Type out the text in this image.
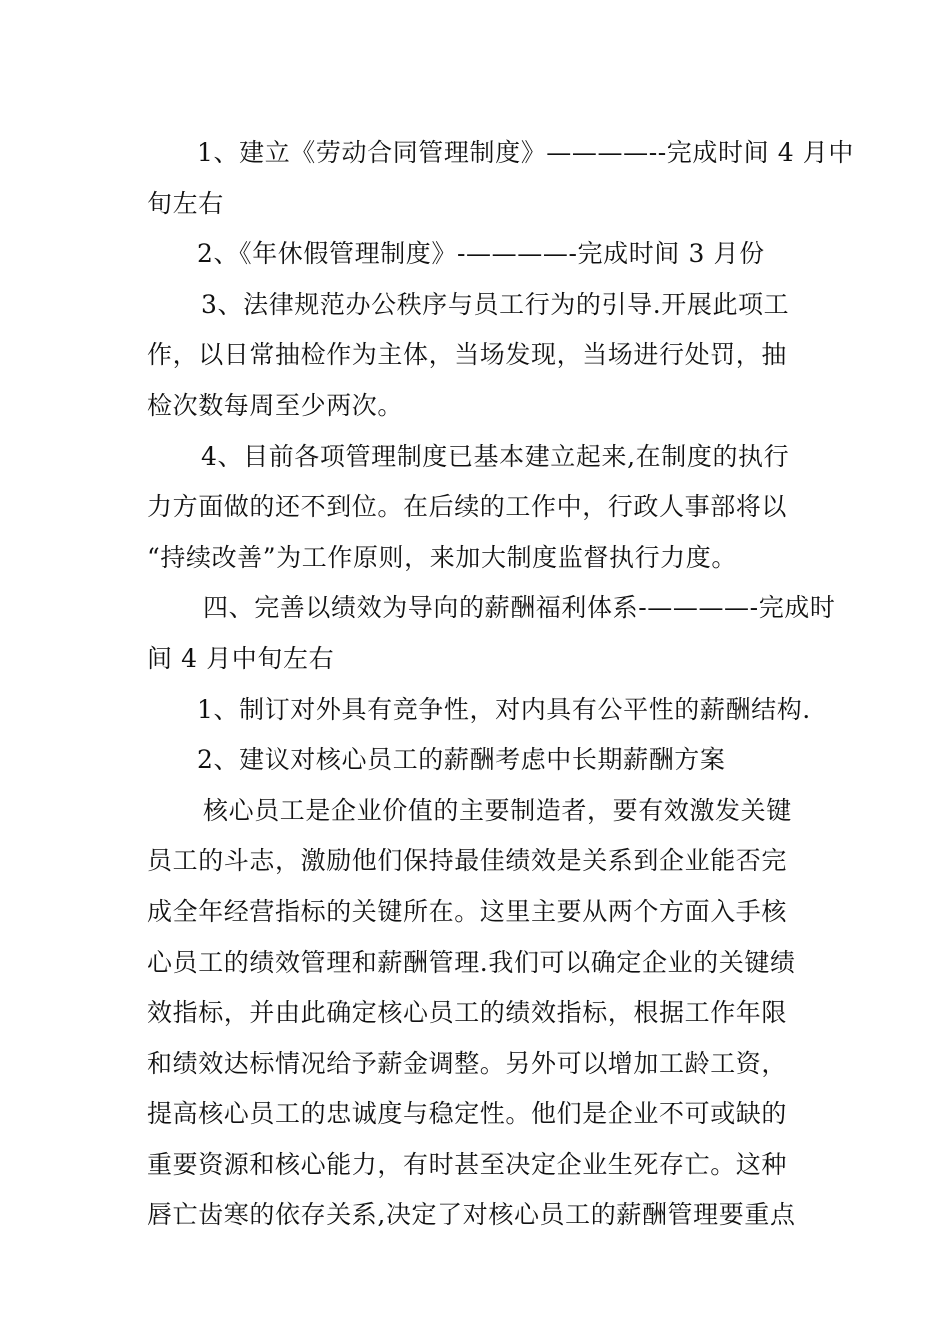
1、建立《劳动合同管理制度》————--完成时间 4 月中
旬左右

2、《年休假管理制度》-————-完成时间 3 月份

3、法律规范办公秩序与员工行为的引导.开展此项工
作，以日常抽检作为主体，当场发现，当场进行处罚，抽
检次数每周至少两次。

4、目前各项管理制度已基本建立起来,在制度的执行
力方面做的还不到位。在后续的工作中，行政人事部将以
“持续改善”为工作原则，来加大制度监督执行力度。

四、完善以绩效为导向的薪酬福利体系-————-完成时
间 4 月中旬左右

1、制订对外具有竞争性，对内具有公平性的薪酬结构.

2、建议对核心员工的薪酬考虑中长期薪酬方案

核心员工是企业价值的主要制造者，要有效激发关键
员工的斗志，激励他们保持最佳绩效是关系到企业能否完
成全年经营指标的关键所在。这里主要从两个方面入手核
心员工的绩效管理和薪酬管理.我们可以确定企业的关键绩
效指标，并由此确定核心员工的绩效指标，根据工作年限
和绩效达标情况给予薪金调整。另外可以增加工龄工资，
提高核心员工的忠诚度与稳定性。他们是企业不可或缺的
重要资源和核心能力，有时甚至决定企业生死存亡。这种
唇亡齿寒的依存关系,决定了对核心员工的薪酬管理要重点
